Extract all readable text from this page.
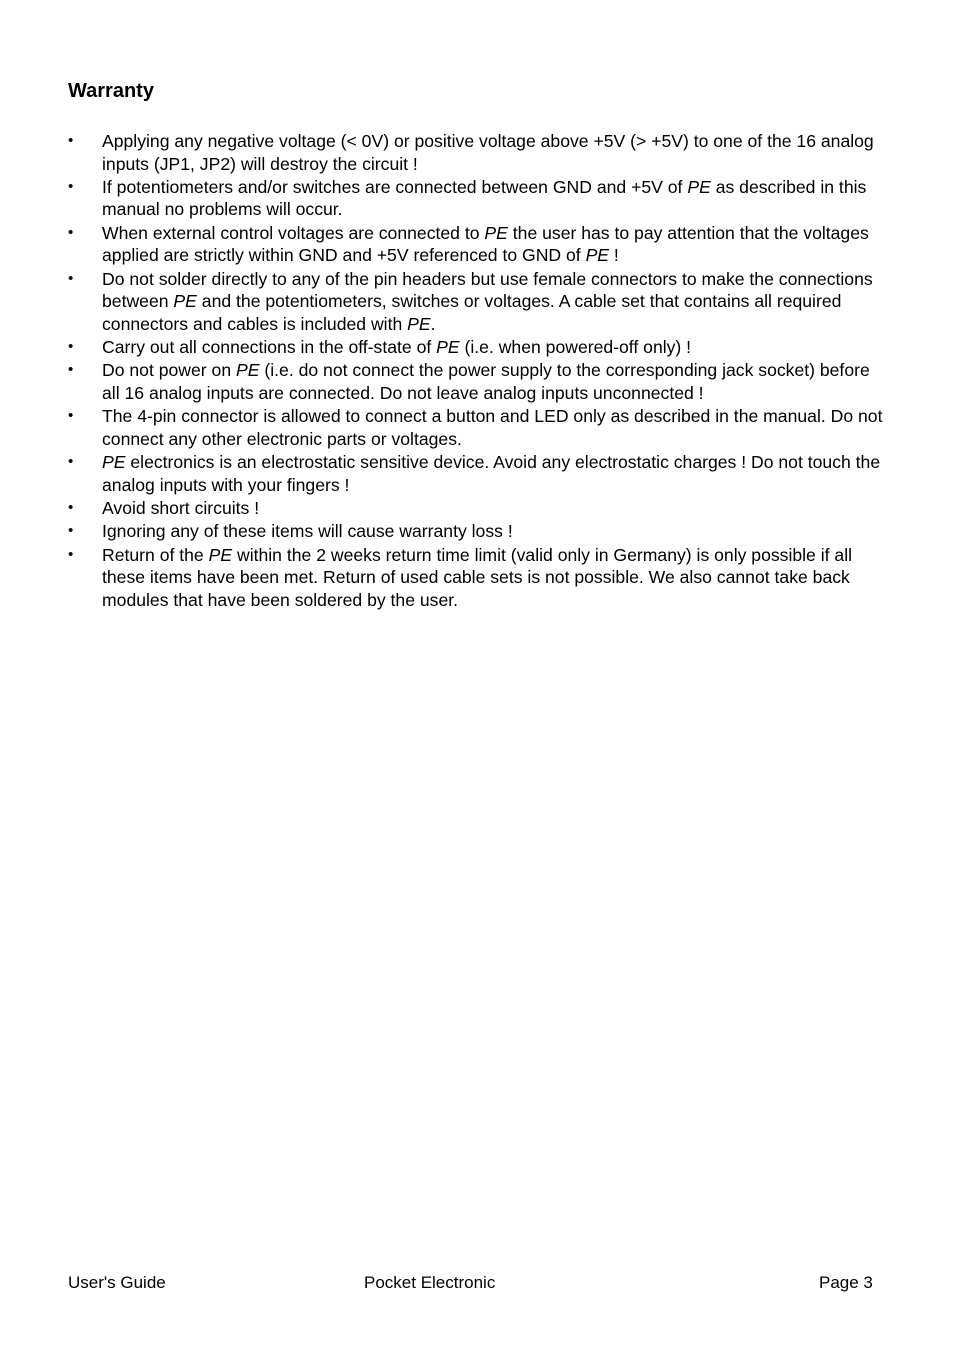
Warranty
• Applying any negative voltage (< 0V) or positive voltage above +5V (> +5V) to one of the 16 analog inputs (JP1, JP2) will destroy the circuit !
• If potentiometers and/or switches are connected between GND and +5V of PE as described in this manual no problems will occur.
• When external control voltages are connected to PE the user has to pay attention that the voltages applied are strictly within GND and +5V referenced to GND of PE !
• Do not solder directly to any of the pin headers but use female connectors to make the connections between PE and the potentiometers, switches or voltages. A cable set that contains all required connectors and cables is included with PE.
• Carry out all connections in the off-state of PE (i.e. when powered-off only) !
• Do not power on PE (i.e. do not connect the power supply to the corresponding jack socket) before all 16 analog inputs are connected. Do not leave analog inputs unconnected !
• The 4-pin connector is allowed to connect a button and LED only as described in the manual. Do not connect any other electronic parts or voltages.
• PE electronics is an electrostatic sensitive device. Avoid any electrostatic charges ! Do not touch the analog inputs with your fingers !
• Avoid short circuits !
• Ignoring any of these items will cause warranty loss !
• Return of the PE within the 2 weeks return time limit (valid only in Germany) is only possible if all these items have been met. Return of used cable sets is not possible. We also cannot take back modules that have been soldered by the user.

User's Guide	Pocket Electronic	Page 3
